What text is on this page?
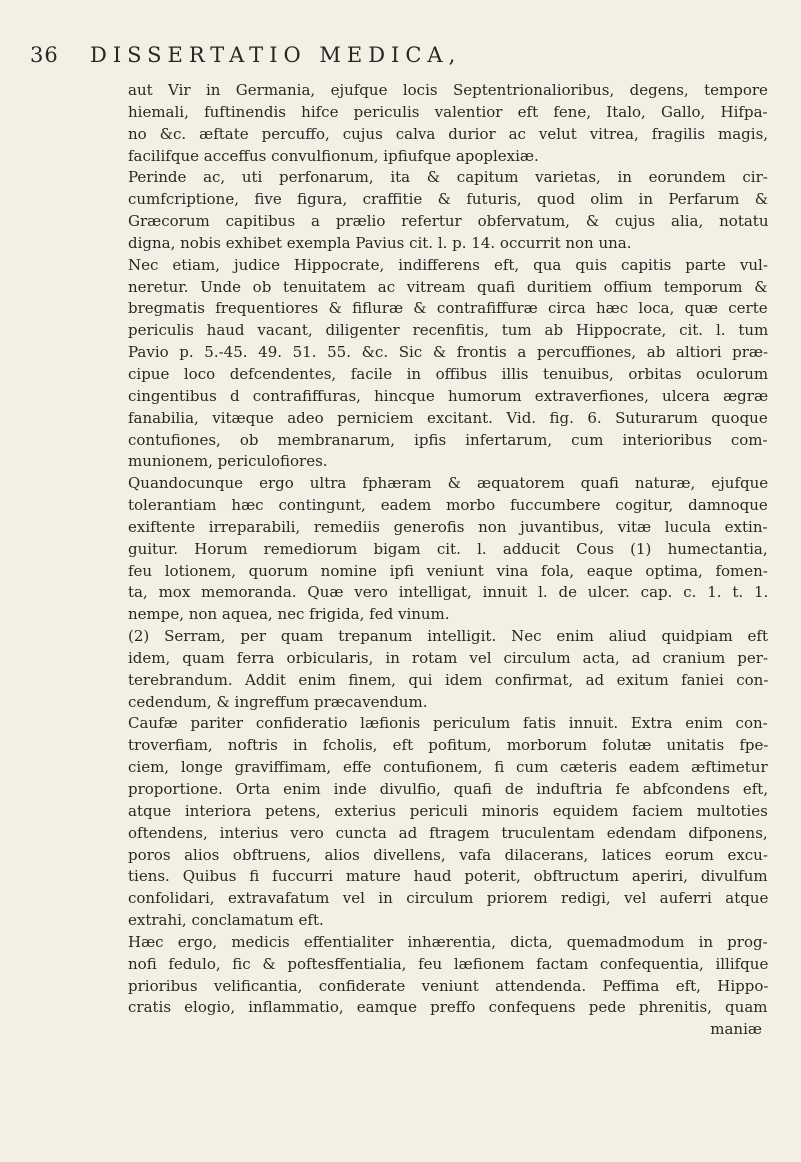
36 DISSERTATIO MEDICA,
aut Vir in Germania, ejufque locis Septentrionalioribus, degens, tempore
hiemali, fuftinendis hifce periculis valentior eft fene, Italo, Gallo, Hifpa-
no &c. æftate percuffo, cujus calva durior ac velut vitrea, fragilis magis,
facilifque acceffus convulfionum, ipfiufque apoplexiæ.
Perinde ac, uti perfonarum, ita & capitum varietas, in eorundem cir-
cumfcriptione, five figura, craffitie & futuris, quod olim in Perfarum &
Græcorum capitibus a prælio refertur obfervatum, & cujus alia, notatu
digna, nobis exhibet exempla Pavius cit. l. p. 14. occurrit non una.
Nec etiam, judice Hippocrate, indifferens eft, qua quis capitis parte vul-
neretur. Unde ob tenuitatem ac vitream quafi duritiem offium temporum &
bregmatis frequentiores & fifluræ & contrafiffuræ circa hæc loca, quæ certe
periculis haud vacant, diligenter recenfitis, tum ab Hippocrate, cit. l. tum
Pavio p. 5.-45. 49. 51. 55. &c. Sic & frontis a percuffiones, ab altiori præ-
cipue loco defcendentes, facile in offibus illis tenuibus, orbitas oculorum
cingentibus d contrafiffuras, hincque humorum extraverfiones, ulcera ægræ
fanabilia, vitæque adeo perniciem excitant. Vid. fig. 6. Suturarum quoque
contufiones, ob membranarum, ipfis infertarum, cum interioribus com-
munionem, periculofiores.
Quandocunque ergo ultra fphæram & æquatorem quafi naturæ, ejufque
tolerantiam hæc contingunt, eadem morbo fuccumbere cogitur, damnoque
exiftente irreparabili, remediis generofis non juvantibus, vitæ lucula extin-
guitur. Horum remediorum bigam cit. l. adducit Cous (1) humectantia,
feu lotionem, quorum nomine ipfi veniunt vina fola, eaque optima, fomen-
ta, mox memoranda. Quæ vero intelligat, innuit l. de ulcer. cap. c. 1. t. 1.
nempe, non aquea, nec frigida, fed vinum.
(2) Serram, per quam trepanum intelligit. Nec enim aliud quidpiam eft
idem, quam ferra orbicularis, in rotam vel circulum acta, ad cranium per-
terebrandum. Addit enim finem, qui idem confirmat, ad exitum faniei con-
cedendum, & ingreffum præcavendum.
Caufæ pariter confideratio læfionis periculum fatis innuit. Extra enim con-
troverfiam, noftris in fcholis, eft pofitum, morborum folutæ unitatis fpe-
ciem, longe graviffimam, effe contufionem, fi cum cæteris eadem æftimetur
proportione. Orta enim inde divulfio, quafi de induftria fe abfcondens eft,
atque interiora petens, exterius periculi minoris equidem faciem multoties
oftendens, interius vero cuncta ad ftragem truculentam edendam difponens,
poros alios obftruens, alios divellens, vafa dilacerans, latices eorum excu-
tiens. Quibus fi fuccurri mature haud poterit, obftructum aperiri, divulfum
confolidari, extravafatum vel in circulum priorem redigi, vel auferri atque
extrahi, conclamatum eft.
Hæc ergo, medicis effentialiter inhærentia, dicta, quemadmodum in prog-
nofi fedulo, fic & poftesffentialia, feu læfionem factam confequentia, illifque
prioribus velificantia, confiderate veniunt attendenda. Peffima eft, Hippo-
cratis elogio, inflammatio, eamque preffo confequens pede phrenitis, quam
maniæ
